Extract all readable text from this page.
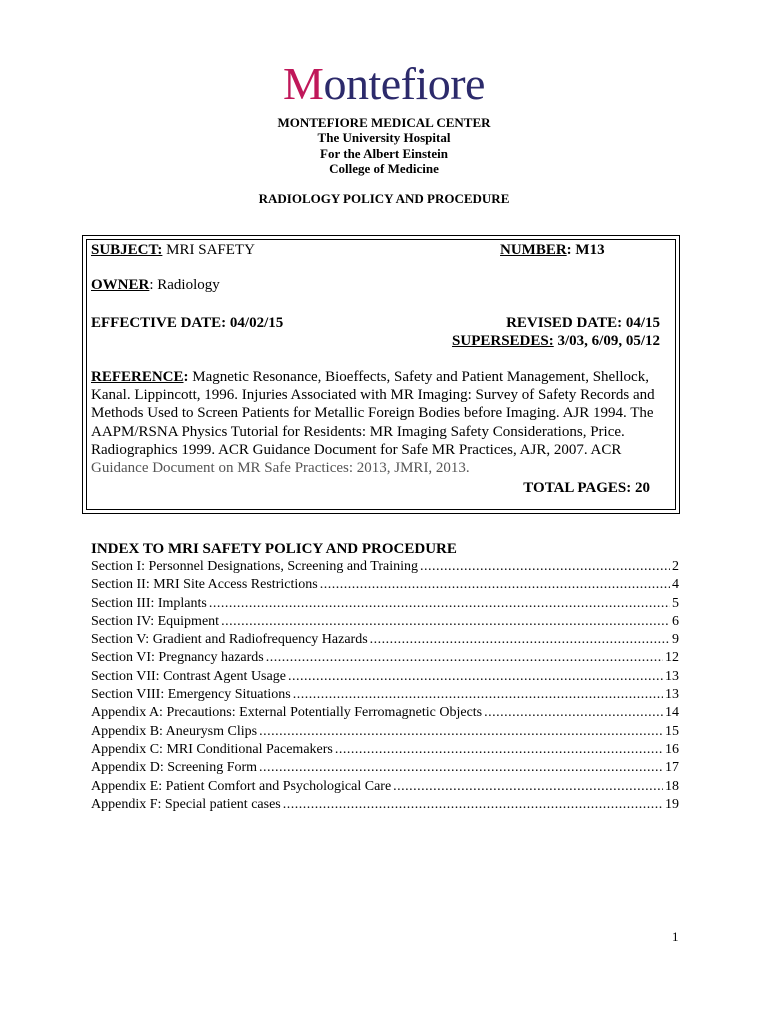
Montefiore
MONTEFIORE MEDICAL CENTER
The University Hospital
For the Albert Einstein
College of Medicine
RADIOLOGY POLICY AND PROCEDURE
SUBJECT: MRI SAFETY	NUMBER: M13
OWNER: Radiology
EFFECTIVE DATE: 04/02/15	REVISED DATE: 04/15
SUPERSEDES: 3/03, 6/09, 05/12
REFERENCE: Magnetic Resonance, Bioeffects, Safety and Patient Management, Shellock, Kanal. Lippincott, 1996. Injuries Associated with MR Imaging: Survey of Safety Records and Methods Used to Screen Patients for Metallic Foreign Bodies before Imaging. AJR 1994. The AAPM/RSNA Physics Tutorial for Residents: MR Imaging Safety Considerations, Price. Radiographics 1999. ACR Guidance Document for Safe MR Practices, AJR, 2007. ACR Guidance Document on MR Safe Practices: 2013, JMRI, 2013.
TOTAL PAGES: 20
INDEX TO MRI SAFETY POLICY AND PROCEDURE
Section I: Personnel Designations, Screening and Training .....	2
Section II: MRI Site Access Restrictions .....	4
Section III: Implants .....	5
Section IV: Equipment .....	6
Section V: Gradient and Radiofrequency Hazards .....	9
Section VI: Pregnancy hazards .....	12
Section VII: Contrast Agent Usage .....	13
Section VIII: Emergency Situations .....	13
Appendix A: Precautions: External Potentially Ferromagnetic Objects .....	14
Appendix B: Aneurysm Clips .....	15
Appendix C: MRI Conditional Pacemakers .....	16
Appendix D: Screening Form .....	17
Appendix E: Patient Comfort and Psychological Care .....	18
Appendix F: Special patient cases .....	19
1
